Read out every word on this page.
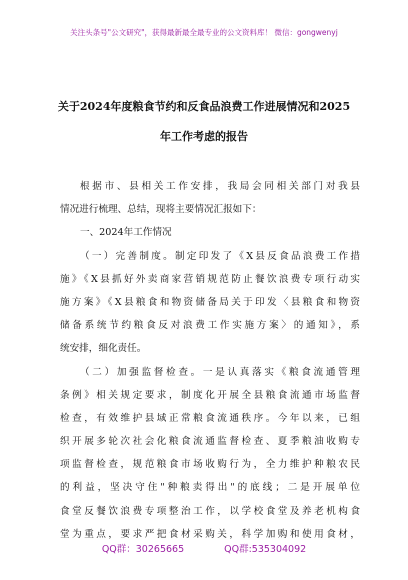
关注头条号"公文研究"，获得最新最全最专业的公文资料库！ 微信：gongwenyj
关于2024年度粮食节约和反食品浪费工作进展情况和2025
年工作考虑的报告
根据市、县相关工作安排，我局会同相关部门对我县
情况进行梳理、总结，现将主要情况汇报如下：
一、2024年工作情况
（一）完善制度。制定印发了《X县反食品浪费工作措
施》《X县抓好外卖商家营销规范防止餐饮浪费专项行动实
施方案》《X县粮食和物资储备局关于印发〈县粮食和物资
储备系统节约粮食反对浪费工作实施方案〉的通知》，系
统安排，细化责任。
（二）加强监督检查。一是认真落实《粮食流通管理
条例》相关规定要求，制度化开展全县粮食流通市场监督
检查，有效维护县域正常粮食流通秩序。今年以来，已组
织开展多轮次社会化粮食流通监督检查、夏季粮油收购专
项监督检查，规范粮食市场收购行为，全力维护种粮农民
的利益，坚决守住"种粮卖得出"的底线；二是开展单位
食堂反餐饮浪费专项整治工作，以学校食堂及养老机构食
堂为重点，要求严把食材采购关，科学加购和使用食材，
QQ群：30265665	QQ群:535304092
